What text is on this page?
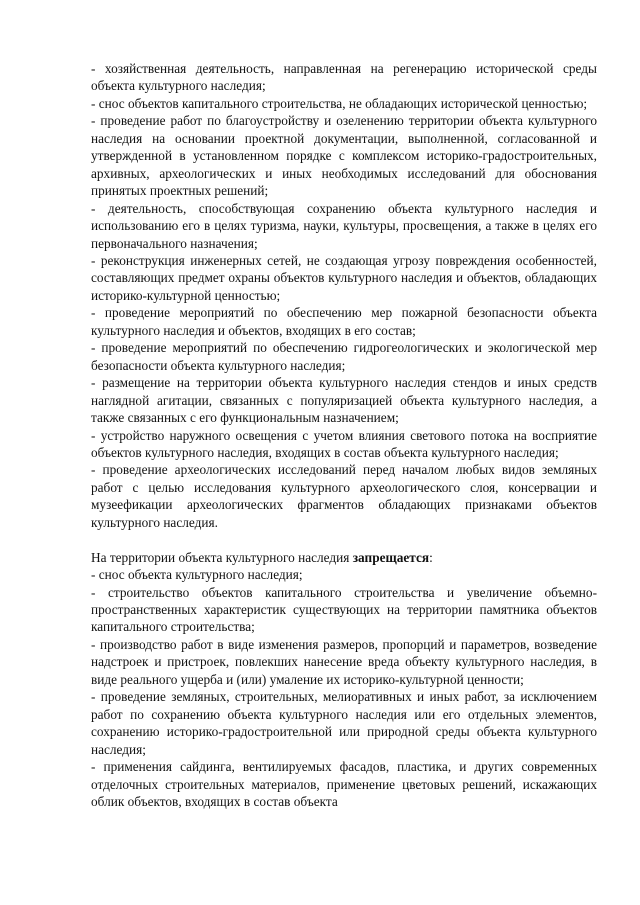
- хозяйственная деятельность, направленная на регенерацию исторической среды объекта культурного наследия;

- снос объектов капитального строительства, не обладающих исторической ценностью;

- проведение работ по благоустройству и озеленению территории объекта культурного наследия на основании проектной документации, выполненной, согласованной и утвержденной в установленном порядке с комплексом историко-градостроительных, архивных, археологических и иных необходимых исследований для обоснования принятых проектных решений;

- деятельность, способствующая сохранению объекта культурного наследия и использованию его в целях туризма, науки, культуры, просвещения, а также в целях его первоначального назначения;

- реконструкция инженерных сетей, не создающая угрозу повреждения особенностей, составляющих предмет охраны объектов культурного наследия и объектов, обладающих историко-культурной ценностью;

- проведение мероприятий по обеспечению мер пожарной безопасности объекта культурного наследия и объектов, входящих в его состав;

- проведение мероприятий по обеспечению гидрогеологических и экологической мер безопасности объекта культурного наследия;

- размещение на территории объекта культурного наследия стендов и иных средств наглядной агитации, связанных с популяризацией объекта культурного наследия, а также связанных с его функциональным назначением;

- устройство наружного освещения с учетом влияния светового потока на восприятие объектов культурного наследия, входящих в состав объекта культурного наследия;

- проведение археологических исследований перед началом любых видов земляных работ с целью исследования культурного археологического слоя, консервации и музеефикации археологических фрагментов обладающих признаками объектов культурного наследия.

На территории объекта культурного наследия запрещается:

- снос объекта культурного наследия;

- строительство объектов капитального строительства и увеличение объемно-пространственных характеристик существующих на территории памятника объектов капитального строительства;

- производство работ в виде изменения размеров, пропорций и параметров, возведение надстроек и пристроек, повлекших нанесение вреда объекту культурного наследия, в виде реального ущерба и (или) умаление их историко-культурной ценности;

- проведение земляных, строительных, мелиоративных и иных работ, за исключением работ по сохранению объекта культурного наследия или его отдельных элементов, сохранению историко-градостроительной или природной среды объекта культурного наследия;

- применения сайдинга, вентилируемых фасадов, пластика, и других современных отделочных строительных материалов, применение цветовых решений, искажающих облик объектов, входящих в состав объекта
